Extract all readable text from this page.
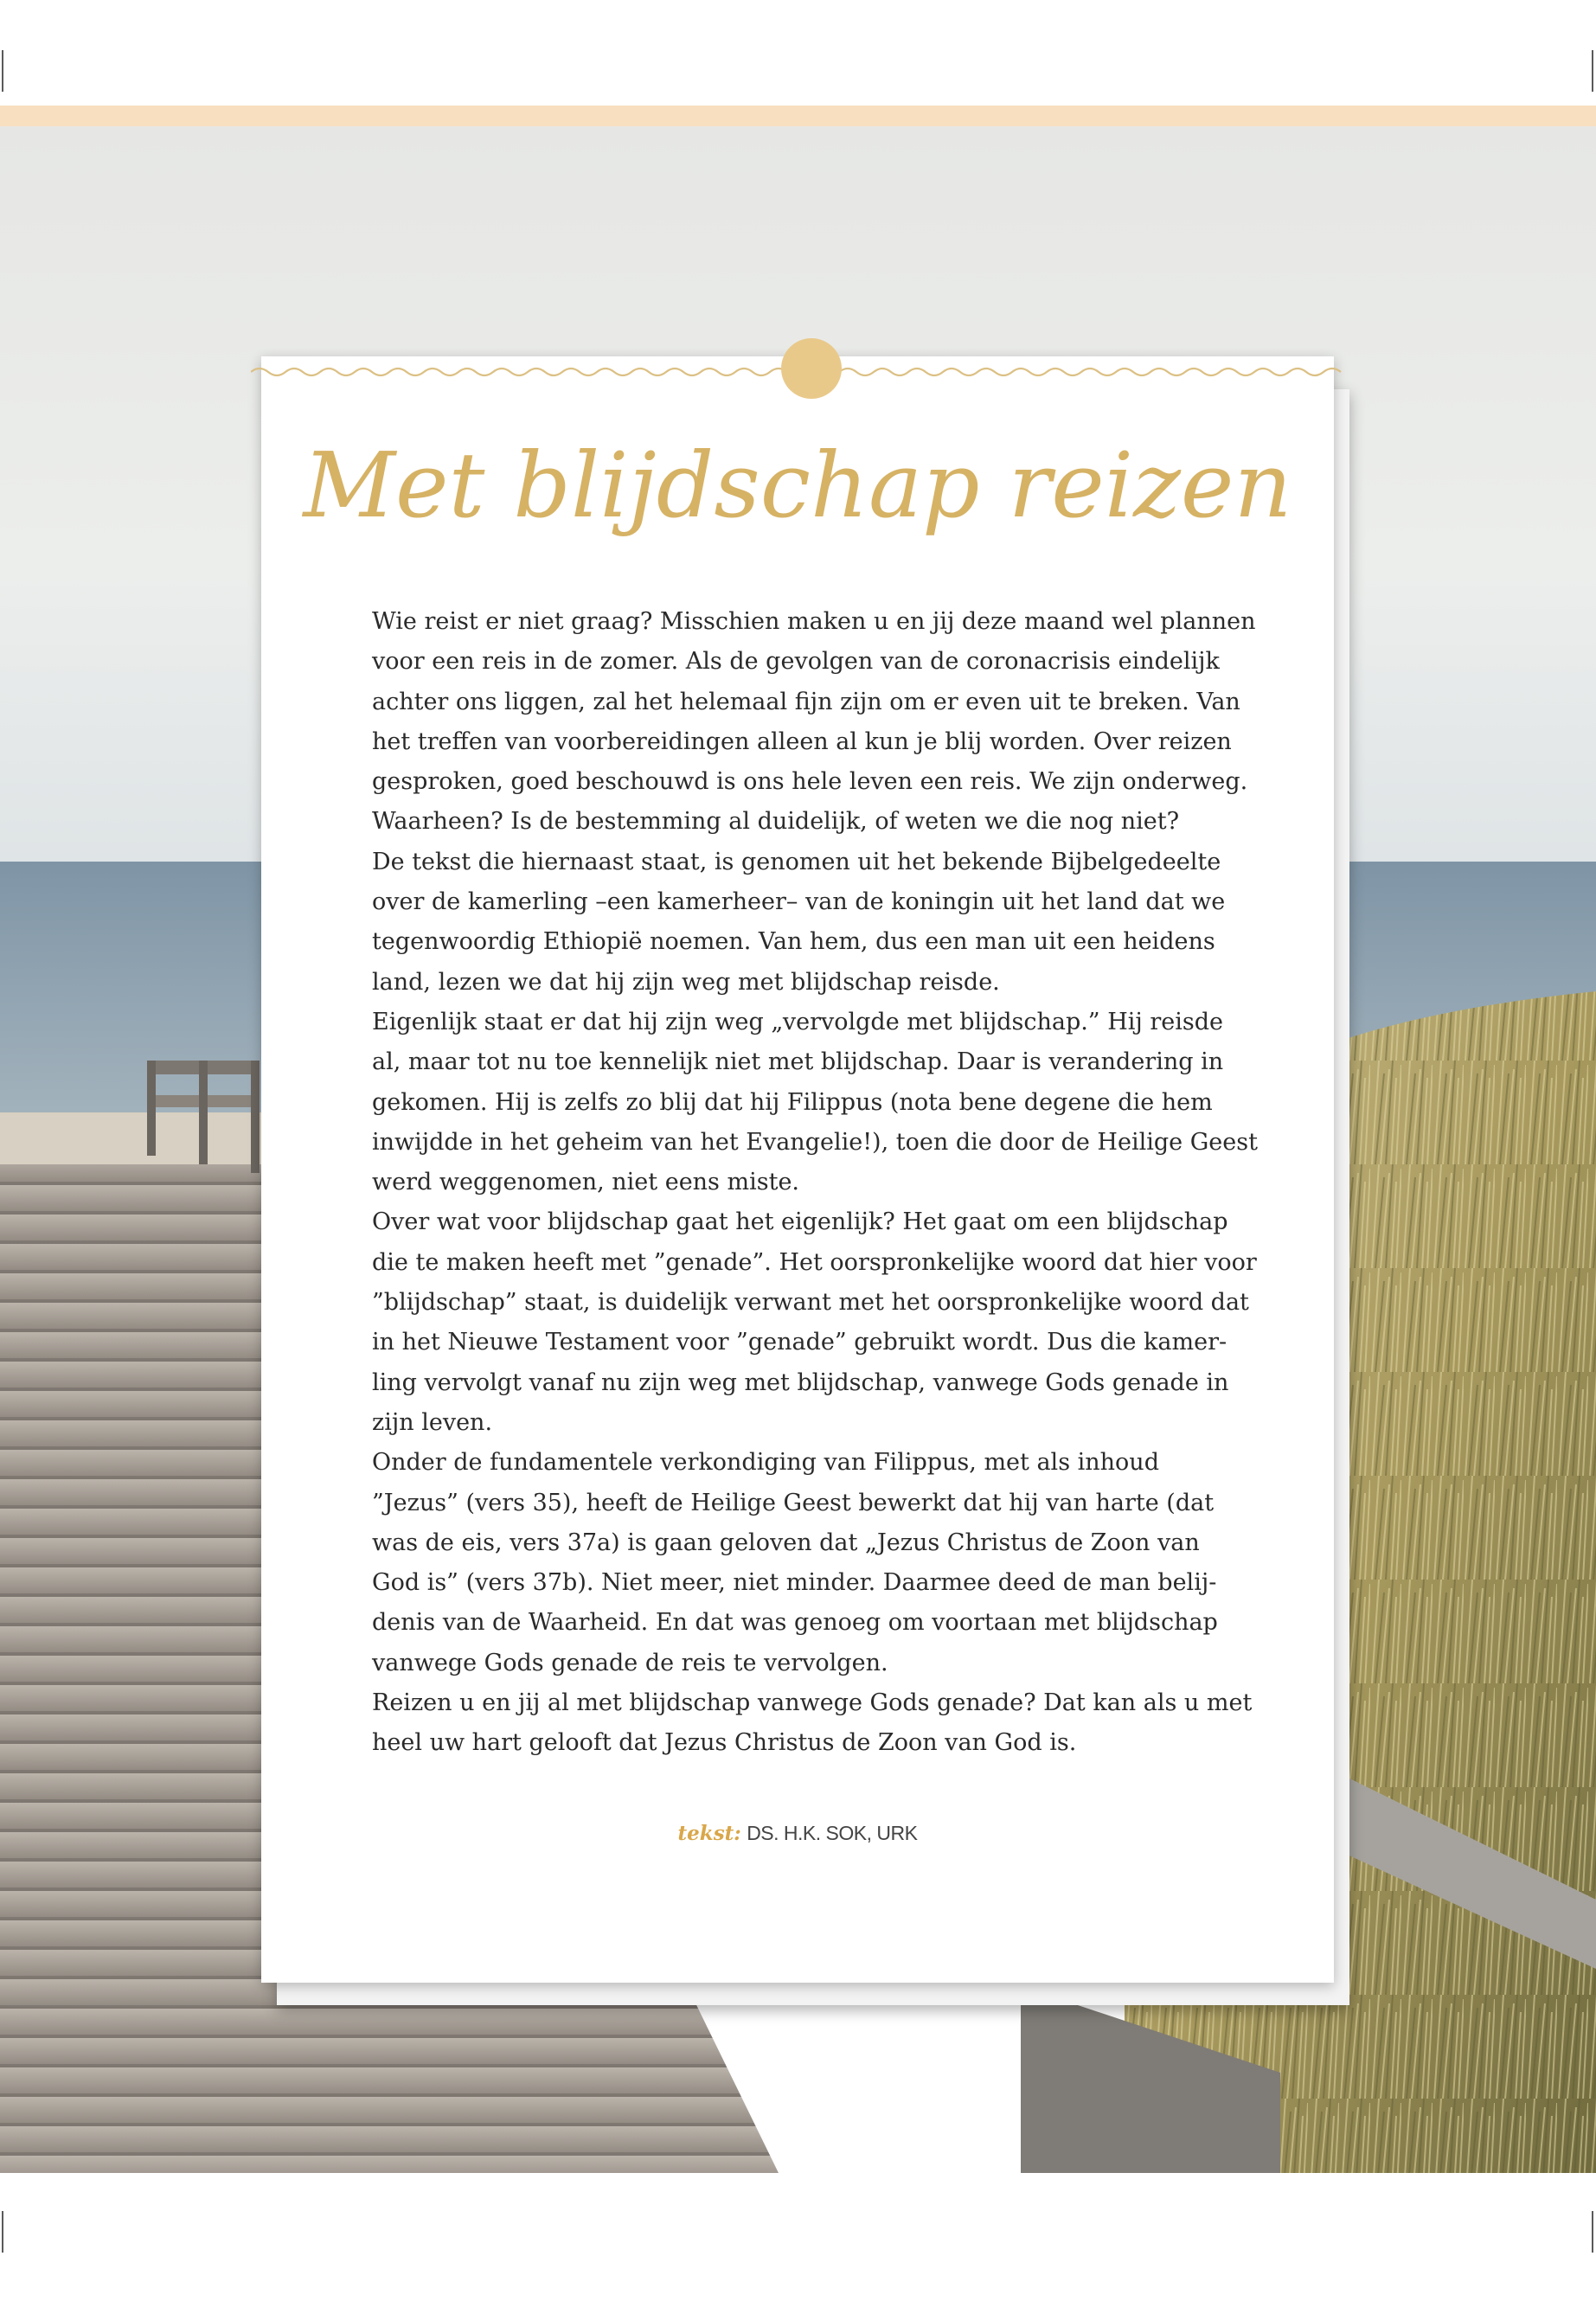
Met blijdschap reizen
Wie reist er niet graag? Misschien maken u en jij deze maand wel plannen
voor een reis in de zomer. Als de gevolgen van de coronacrisis eindelijk
achter ons liggen, zal het helemaal fijn zijn om er even uit te breken. Van
het treffen van voorbereidingen alleen al kun je blij worden. Over reizen
gesproken, goed beschouwd is ons hele leven een reis. We zijn onderweg.
Waarheen? Is de bestemming al duidelijk, of weten we die nog niet?
De tekst die hiernaast staat, is genomen uit het bekende Bijbelgedeelte
over de kamerling –een kamerheer– van de koningin uit het land dat we
tegenwoordig Ethiopië noemen. Van hem, dus een man uit een heidens
land, lezen we dat hij zijn weg met blijdschap reisde.
Eigenlijk staat er dat hij zijn weg „vervolgde met blijdschap.” Hij reisde
al, maar tot nu toe kennelijk niet met blijdschap. Daar is verandering in
gekomen. Hij is zelfs zo blij dat hij Filippus (nota bene degene die hem
inwijdde in het geheim van het Evangelie!), toen die door de Heilige Geest
werd weggenomen, niet eens miste.
Over wat voor blijdschap gaat het eigenlijk? Het gaat om een blijdschap
die te maken heeft met ”genade”. Het oorspronkelijke woord dat hier voor
”blijdschap” staat, is duidelijk verwant met het oorspronkelijke woord dat
in het Nieuwe Testament voor ”genade” gebruikt wordt. Dus die kamer-
ling vervolgt vanaf nu zijn weg met blijdschap, vanwege Gods genade in
zijn leven.
Onder de fundamentele verkondiging van Filippus, met als inhoud
”Jezus” (vers 35), heeft de Heilige Geest bewerkt dat hij van harte (dat
was de eis, vers 37a) is gaan geloven dat „Jezus Christus de Zoon van
God is” (vers 37b). Niet meer, niet minder. Daarmee deed de man belij-
denis van de Waarheid. En dat was genoeg om voortaan met blijdschap
vanwege Gods genade de reis te vervolgen.
Reizen u en jij al met blijdschap vanwege Gods genade? Dat kan als u met
heel uw hart gelooft dat Jezus Christus de Zoon van God is.
tekst: DS. H.K. SOK, URK
